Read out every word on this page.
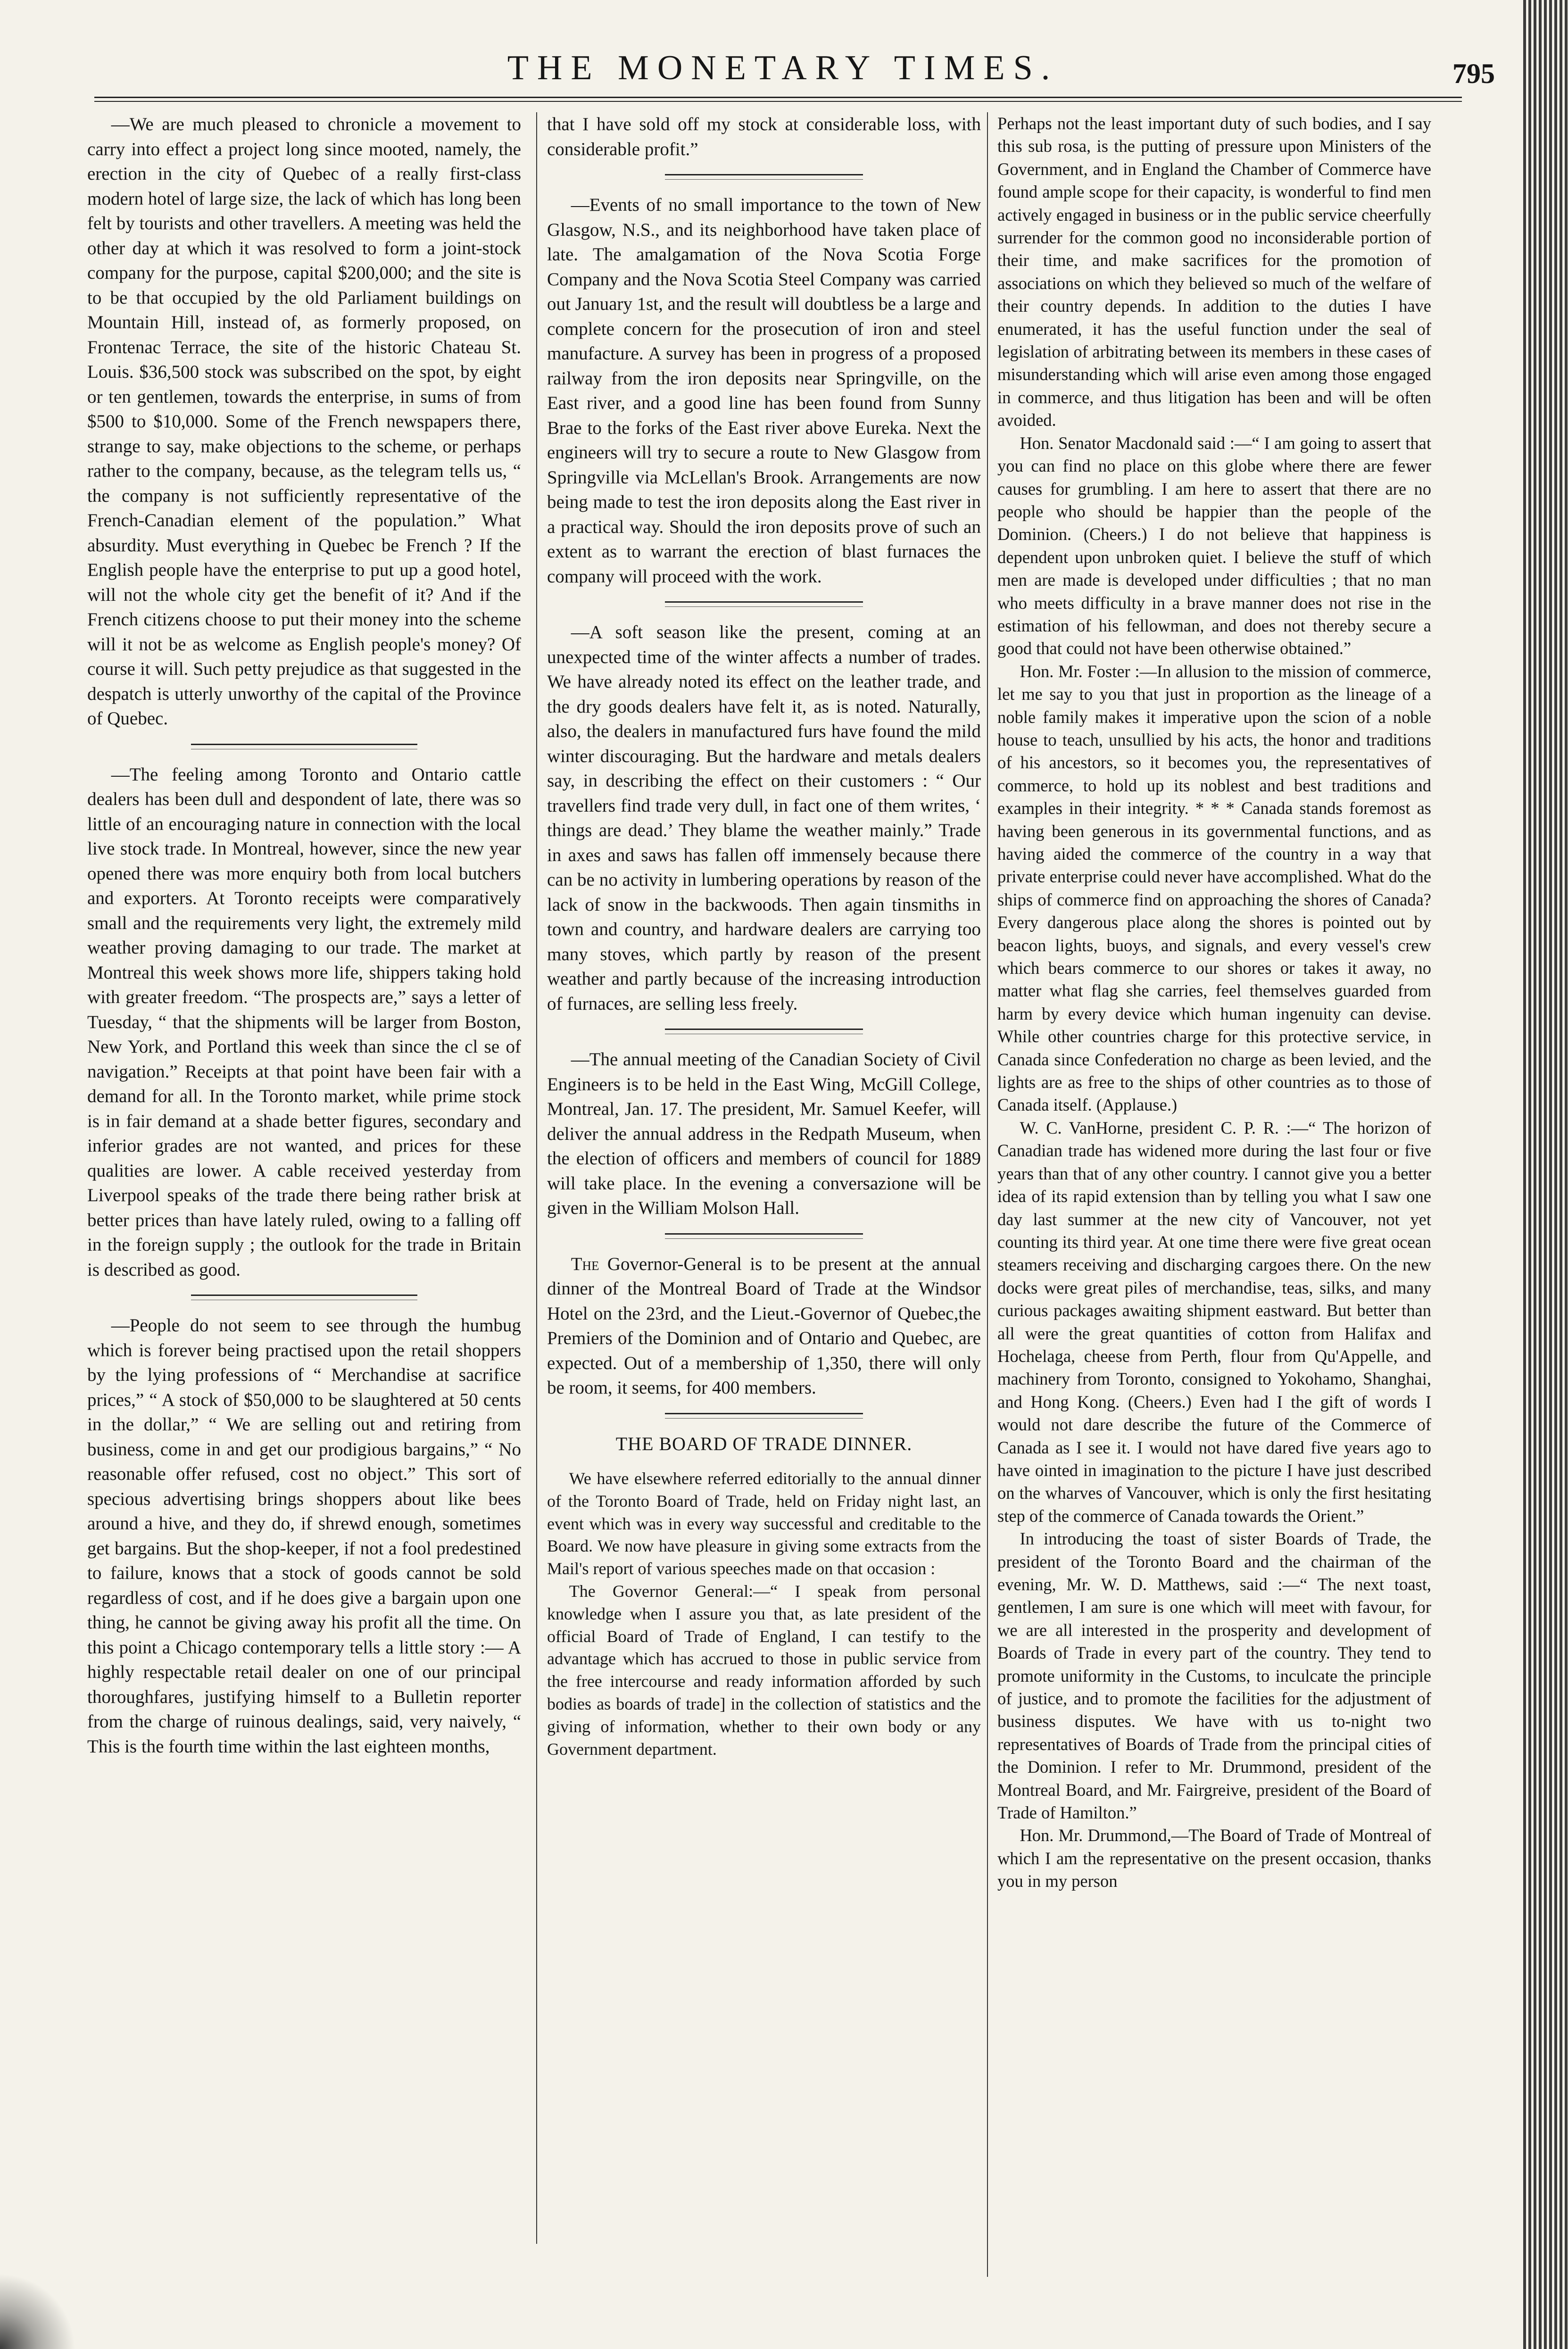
THE MONETARY TIMES.	795

—We are much pleased to chronicle a movement to carry into effect a project long since mooted, namely, the erection in the city of Quebec of a really first-class modern hotel of large size, the lack of which has long been felt by tourists and other travellers. A meeting was held the other day at which it was resolved to form a joint-stock company for the purpose, capital $200,000; and the site is to be that occupied by the old Parliament buildings on Mountain Hill, instead of, as formerly proposed, on Frontenac Terrace, the site of the historic Chateau St. Louis. $36,500 stock was subscribed on the spot, by eight or ten gentlemen, towards the enterprise, in sums of from $500 to $10,000. Some of the French newspapers there, strange to say, make objections to the scheme, or perhaps rather to the company, because, as the telegram tells us, “ the company is not sufficiently representative of the French-Canadian element of the population.” What absurdity. Must everything in Quebec be French ? If the English people have the enterprise to put up a good hotel, will not the whole city get the benefit of it? And if the French citizens choose to put their money into the scheme will it not be as welcome as English people's money? Of course it will. Such petty prejudice as that suggested in the despatch is utterly unworthy of the capital of the Province of Quebec.

—The feeling among Toronto and Ontario cattle dealers has been dull and despondent of late, there was so little of an encouraging nature in connection with the local live stock trade. In Montreal, however, since the new year opened there was more enquiry both from local butchers and exporters. At Toronto receipts were comparatively small and the requirements very light, the extremely mild weather proving damaging to our trade. The market at Montreal this week shows more life, shippers taking hold with greater freedom. “The prospects are,” says a letter of Tuesday, “ that the shipments will be larger from Boston, New York, and Portland this week than since the cl se of navigation.” Receipts at that point have been fair with a demand for all. In the Toronto market, while prime stock is in fair demand at a shade better figures, secondary and inferior grades are not wanted, and prices for these qualities are lower. A cable received yesterday from Liverpool speaks of the trade there being rather brisk at better prices than have lately ruled, owing to a falling off in the foreign supply ; the outlook for the trade in Britain is described as good.

—People do not seem to see through the humbug which is forever being practised upon the retail shoppers by the lying professions of “ Merchandise at sacrifice prices,” “ A stock of $50,000 to be slaughtered at 50 cents in the dollar,” “ We are selling out and retiring from business, come in and get our prodigious bargains,” “ No reasonable offer refused, cost no object.” This sort of specious advertising brings shoppers about like bees around a hive, and they do, if shrewd enough, sometimes get bargains. But the shop-keeper, if not a fool predestined to failure, knows that a stock of goods cannot be sold regardless of cost, and if he does give a bargain upon one thing, he cannot be giving away his profit all the time. On this point a Chicago contemporary tells a little story :— A highly respectable retail dealer on one of our principal thoroughfares, justifying himself to a Bulletin reporter from the charge of ruinous dealings, said, very naively, “ This is the fourth time within the last eighteen months,

that I have sold off my stock at considerable loss, with considerable profit.”

—Events of no small importance to the town of New Glasgow, N.S., and its neighborhood have taken place of late. The amalgamation of the Nova Scotia Forge Company and the Nova Scotia Steel Company was carried out January 1st, and the result will doubtless be a large and complete concern for the prosecution of iron and steel manufacture. A survey has been in progress of a proposed railway from the iron deposits near Springville, on the East river, and a good line has been found from Sunny Brae to the forks of the East river above Eureka. Next the engineers will try to secure a route to New Glasgow from Springville via McLellan's Brook. Arrangements are now being made to test the iron deposits along the East river in a practical way. Should the iron deposits prove of such an extent as to warrant the erection of blast furnaces the company will proceed with the work.

—A soft season like the present, coming at an unexpected time of the winter affects a number of trades. We have already noted its effect on the leather trade, and the dry goods dealers have felt it, as is noted. Naturally, also, the dealers in manufactured furs have found the mild winter discouraging. But the hardware and metals dealers say, in describing the effect on their customers : “ Our travellers find trade very dull, in fact one of them writes, ‘ things are dead.’ They blame the weather mainly.” Trade in axes and saws has fallen off immensely because there can be no activity in lumbering operations by reason of the lack of snow in the backwoods. Then again tinsmiths in town and country, and hardware dealers are carrying too many stoves, which partly by reason of the present weather and partly because of the increasing introduction of furnaces, are selling less freely.

—The annual meeting of the Canadian Society of Civil Engineers is to be held in the East Wing, McGill College, Montreal, Jan. 17. The president, Mr. Samuel Keefer, will deliver the annual address in the Redpath Museum, when the election of officers and members of council for 1889 will take place. In the evening a conversazione will be given in the William Molson Hall.

The Governor-General is to be present at the annual dinner of the Montreal Board of Trade at the Windsor Hotel on the 23rd, and the Lieut.-Governor of Quebec,the Premiers of the Dominion and of Ontario and Quebec, are expected. Out of a membership of 1,350, there will only be room, it seems, for 400 members.

THE BOARD OF TRADE DINNER.

We have elsewhere referred editorially to the annual dinner of the Toronto Board of Trade, held on Friday night last, an event which was in every way successful and creditable to the Board. We now have pleasure in giving some extracts from the Mail's report of various speeches made on that occasion :

The Governor General:—“ I speak from personal knowledge when I assure you that, as late president of the official Board of Trade of England, I can testify to the advantage which has accrued to those in public service from the free intercourse and ready information afforded by such bodies as boards of trade] in the collection of statistics and the giving of information, whether to their own body or any Government department.

Perhaps not the least important duty of such bodies, and I say this sub rosa, is the putting of pressure upon Ministers of the Government, and in England the Chamber of Commerce have found ample scope for their capacity, is wonderful to find men actively engaged in business or in the public service cheerfully surrender for the common good no inconsiderable portion of their time, and make sacrifices for the promotion of associations on which they believed so much of the welfare of their country depends. In addition to the duties I have enumerated, it has the useful function under the seal of legislation of arbitrating between its members in these cases of misunderstanding which will arise even among those engaged in commerce, and thus litigation has been and will be often avoided.

Hon. Senator Macdonald said :—“ I am going to assert that you can find no place on this globe where there are fewer causes for grumbling. I am here to assert that there are no people who should be happier than the people of the Dominion. (Cheers.) I do not believe that happiness is dependent upon unbroken quiet. I believe the stuff of which men are made is developed under difficulties ; that no man who meets difficulty in a brave manner does not rise in the estimation of his fellowman, and does not thereby secure a good that could not have been otherwise obtained.”

Hon. Mr. Foster :—In allusion to the mission of commerce, let me say to you that just in proportion as the lineage of a noble family makes it imperative upon the scion of a noble house to teach, unsullied by his acts, the honor and traditions of his ancestors, so it becomes you, the representatives of commerce, to hold up its noblest and best traditions and examples in their integrity. * * * Canada stands foremost as having been generous in its governmental functions, and as having aided the commerce of the country in a way that private enterprise could never have accomplished. What do the ships of commerce find on approaching the shores of Canada? Every dangerous place along the shores is pointed out by beacon lights, buoys, and signals, and every vessel's crew which bears commerce to our shores or takes it away, no matter what flag she carries, feel themselves guarded from harm by every device which human ingenuity can devise. While other countries charge for this protective service, in Canada since Confederation no charge as been levied, and the lights are as free to the ships of other countries as to those of Canada itself. (Applause.)

W. C. VanHorne, president C. P. R. :—“ The horizon of Canadian trade has widened more during the last four or five years than that of any other country. I cannot give you a better idea of its rapid extension than by telling you what I saw one day last summer at the new city of Vancouver, not yet counting its third year. At one time there were five great ocean steamers receiving and discharging cargoes there. On the new docks were great piles of merchandise, teas, silks, and many curious packages awaiting shipment eastward. But better than all were the great quantities of cotton from Halifax and Hochelaga, cheese from Perth, flour from Qu'Appelle, and machinery from Toronto, consigned to Yokohamo, Shanghai, and Hong Kong. (Cheers.) Even had I the gift of words I would not dare describe the future of the Commerce of Canada as I see it. I would not have dared five years ago to have ointed in imagination to the picture I have just described on the wharves of Vancouver, which is only the first hesitating step of the commerce of Canada towards the Orient.”

In introducing the toast of sister Boards of Trade, the president of the Toronto Board and the chairman of the evening, Mr. W. D. Matthews, said :—“ The next toast, gentlemen, I am sure is one which will meet with favour, for we are all interested in the prosperity and development of Boards of Trade in every part of the country. They tend to promote uniformity in the Customs, to inculcate the principle of justice, and to promote the facilities for the adjustment of business disputes. We have with us to-night two representatives of Boards of Trade from the principal cities of the Dominion. I refer to Mr. Drummond, president of the Montreal Board, and Mr. Fairgreive, president of the Board of Trade of Hamilton.”

Hon. Mr. Drummond,—The Board of Trade of Montreal of which I am the representative on the present occasion, thanks you in my person
